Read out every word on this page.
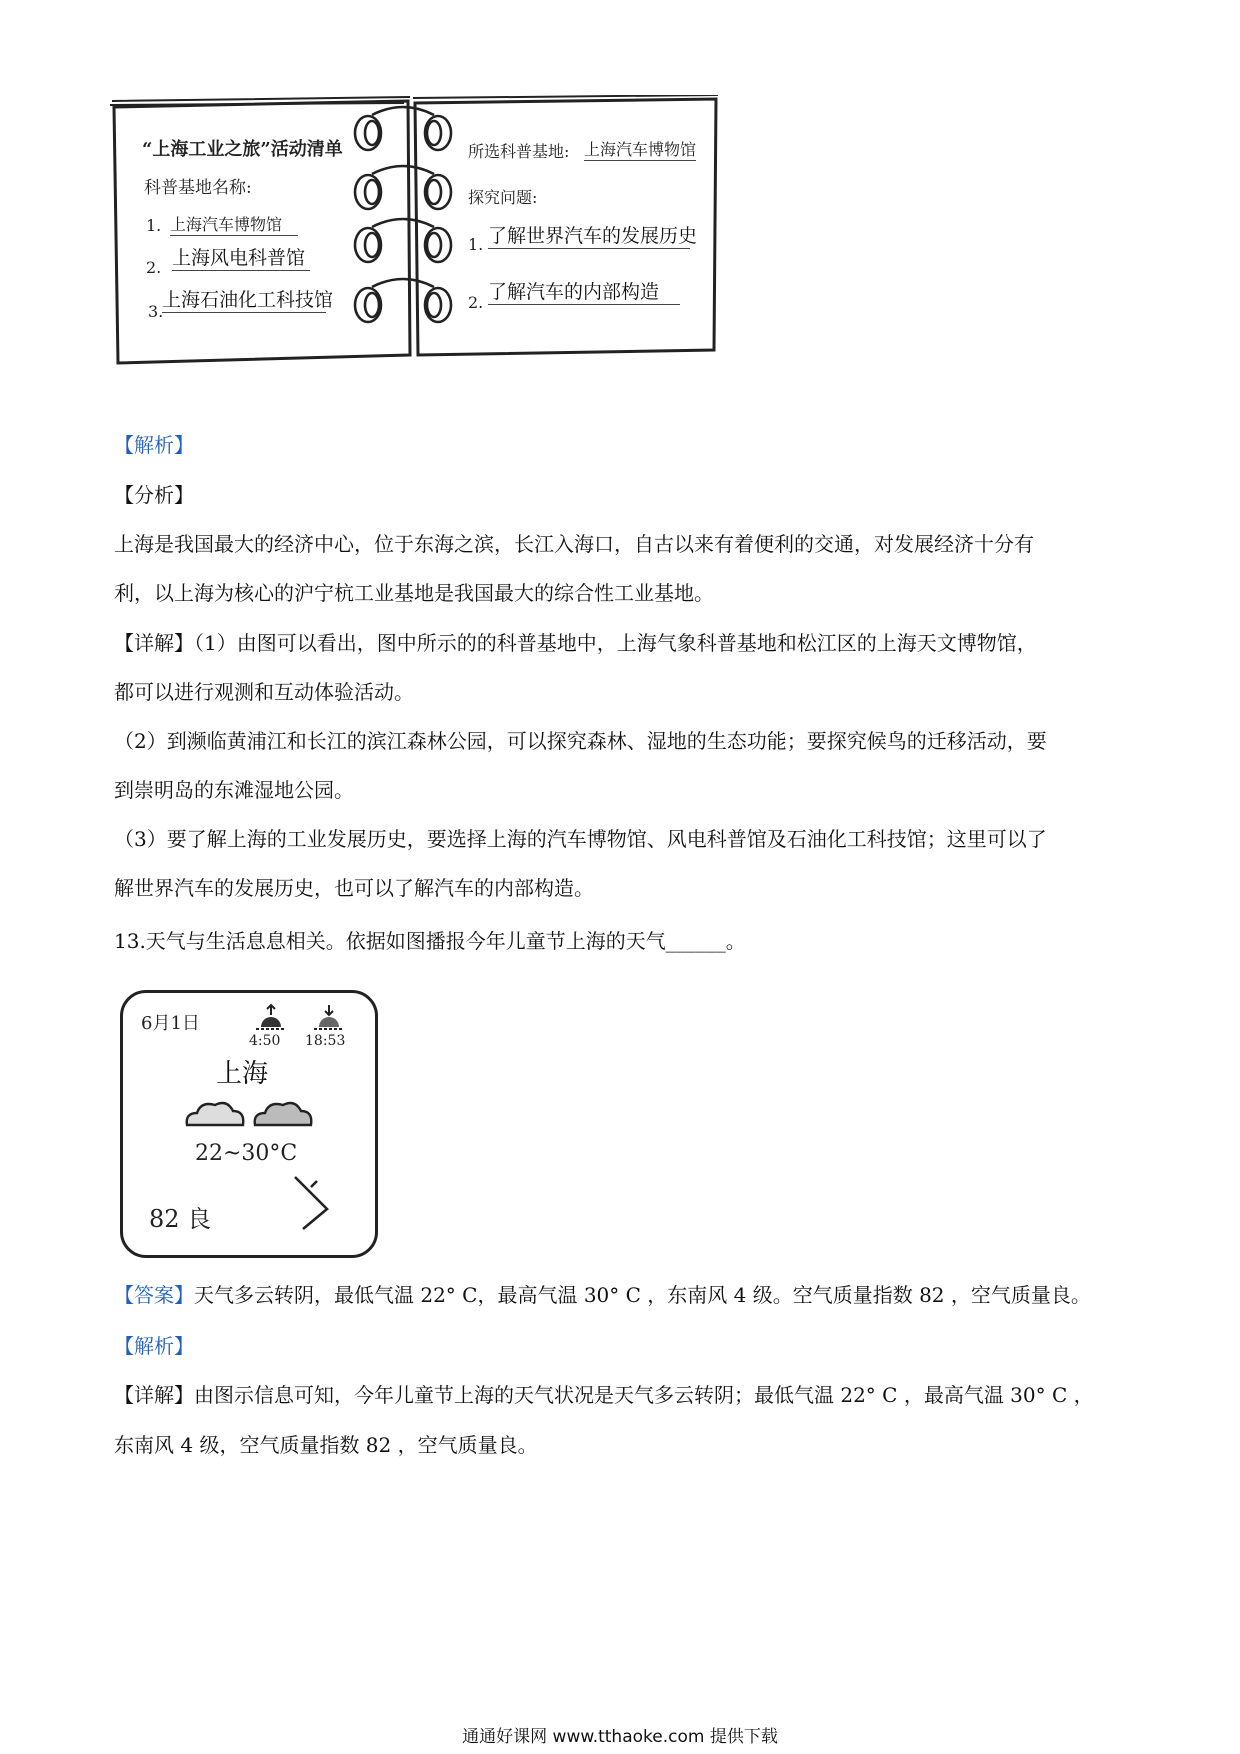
“上海工业之旅”活动清单
科普基地名称:
1. 上海汽车博物馆
2. 上海风电科普馆
3.
上海石油化工科技馆
所选科普基地: 上海汽车博物馆
探究问题:
1. 了解世界汽车的发展历史
2. 了解汽车的内部构造
【解析】
【分析】
上海是我国最大的经济中心，位于东海之滨，长江入海口，自古以来有着便利的交通，对发展经济十分有
利，以上海为核心的沪宁杭工业基地是我国最大的综合性工业基地。
【详解】（1）由图可以看出，图中所示的的科普基地中，上海气象科普基地和松江区的上海天文博物馆，
都可以进行观测和互动体验活动。
（2）到濒临黄浦江和长江的滨江森林公园，可以探究森林、湿地的生态功能；要探究候鸟的迁移活动，要
到崇明岛的东滩湿地公园。
（3）要了解上海的工业发展历史，要选择上海的汽车博物馆、风电科普馆及石油化工科技馆；这里可以了
解世界汽车的发展历史，也可以了解汽车的内部构造。
13.天气与生活息息相关。依据如图播报今年儿童节上海的天气______。
6月1日
4:50 18:53
上海
22~30°C
82 良
【答案】天气多云转阴，最低气温 22° C，最高气温 30° C ，东南风 4 级。空气质量指数 82 ，空气质量良。
【解析】
【详解】由图示信息可知，今年儿童节上海的天气状况是天气多云转阴；最低气温 22° C ，最高气温 30° C ，
东南风 4 级，空气质量指数 82 ，空气质量良。
通通好课网 www.tthaoke.com 提供下载
